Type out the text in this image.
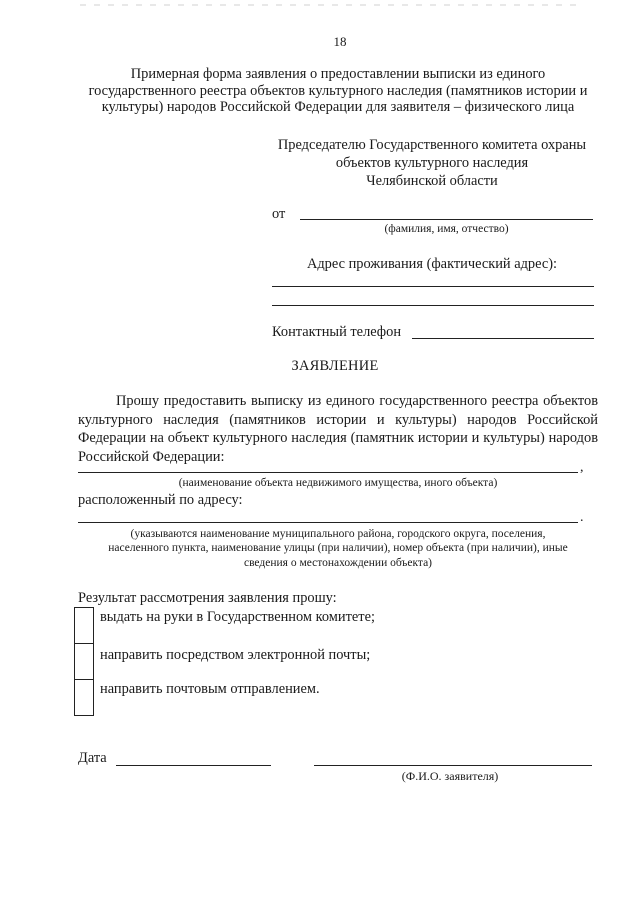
18
Примерная форма заявления о предоставлении выписки из единого государственного реестра объектов культурного наследия (памятников истории и культуры) народов Российской Федерации для заявителя – физического лица
Председателю Государственного комитета охраны
объектов культурного наследия
Челябинской области
от
(фамилия, имя, отчество)
Адрес проживания (фактический адрес):
Контактный телефон
ЗАЯВЛЕНИЕ
Прошу предоставить выписку из единого государственного реестра объектов культурного наследия (памятников истории и культуры) народов Российской Федерации на объект культурного наследия (памятник истории и культуры) народов Российской Федерации:
,
(наименование объекта недвижимого имущества, иного объекта)
расположенный по адресу:
.
(указываются наименование муниципального района, городского округа, поселения,
населенного пункта, наименование улицы (при наличии), номер объекта (при наличии), иные
сведения о местонахождении объекта)
Результат рассмотрения заявления прошу:
выдать на руки в Государственном комитете;
направить посредством электронной почты;
направить почтовым отправлением.
Дата
(Ф.И.О. заявителя)
